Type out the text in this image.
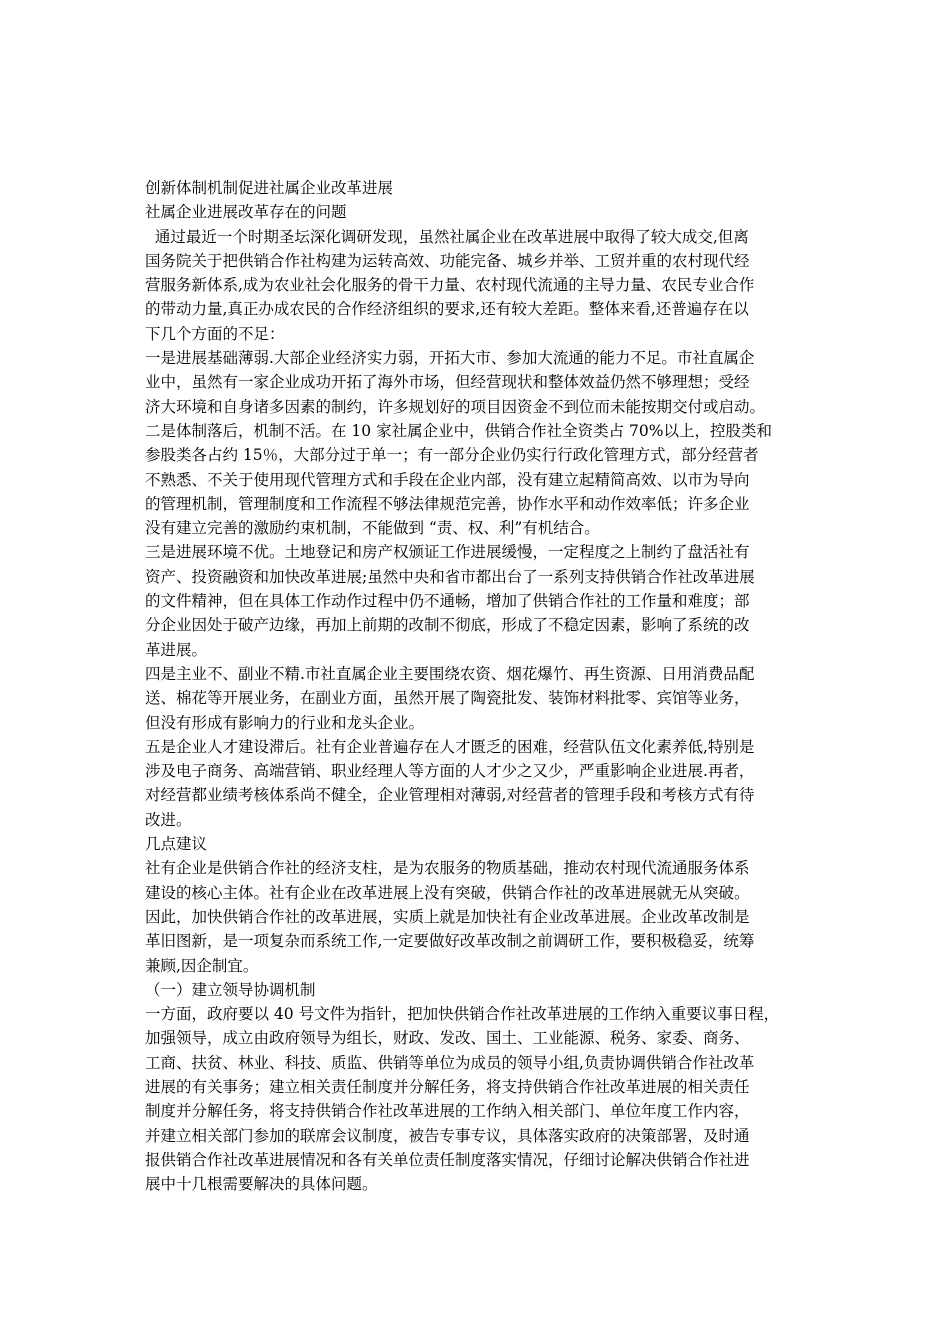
创新体制机制促进社属企业改革进展
社属企业进展改革存在的问题
通过最近一个时期圣坛深化调研发现，虽然社属企业在改革进展中取得了较大成交,但离
国务院关于把供销合作社构建为运转高效、功能完备、城乡并举、工贸并重的农村现代经
营服务新体系,成为农业社会化服务的骨干力量、农村现代流通的主导力量、农民专业合作
的带动力量,真正办成农民的合作经济组织的要求,还有较大差距。整体来看,还普遍存在以
下几个方面的不足：
一是进展基础薄弱.大部企业经济实力弱，开拓大市、参加大流通的能力不足。市社直属企
业中，虽然有一家企业成功开拓了海外市场，但经营现状和整体效益仍然不够理想；受经
济大环境和自身诸多因素的制约，许多规划好的项目因资金不到位而未能按期交付或启动。
二是体制落后，机制不活。在 10 家社属企业中，供销合作社全资类占 70%以上，控股类和
参股类各占约 15％，大部分过于单一；有一部分企业仍实行行政化管理方式，部分经营者
不熟悉、不关于使用现代管理方式和手段在企业内部，没有建立起精简高效、以市为导向
的管理机制，管理制度和工作流程不够法律规范完善，协作水平和动作效率低；许多企业
没有建立完善的激励约束机制，不能做到 “责、权、利”有机结合。
三是进展环境不优。土地登记和房产权颁证工作进展缓慢，一定程度之上制约了盘活社有
资产、投资融资和加快改革进展;虽然中央和省市都出台了一系列支持供销合作社改革进展
的文件精神，但在具体工作动作过程中仍不通畅，增加了供销合作社的工作量和难度；部
分企业因处于破产边缘，再加上前期的改制不彻底，形成了不稳定因素，影响了系统的改
革进展。
四是主业不、副业不精.市社直属企业主要围绕农资、烟花爆竹、再生资源、日用消费品配
送、棉花等开展业务，在副业方面，虽然开展了陶瓷批发、装饰材料批零、宾馆等业务，
但没有形成有影响力的行业和龙头企业。
五是企业人才建设滞后。社有企业普遍存在人才匮乏的困难，经营队伍文化素养低,特别是
涉及电子商务、高端营销、职业经理人等方面的人才少之又少，严重影响企业进展.再者，
对经营都业绩考核体系尚不健全，企业管理相对薄弱,对经营者的管理手段和考核方式有待
改进。
几点建议
社有企业是供销合作社的经济支柱，是为农服务的物质基础，推动农村现代流通服务体系
建设的核心主体。社有企业在改革进展上没有突破，供销合作社的改革进展就无从突破。
因此，加快供销合作社的改革进展，实质上就是加快社有企业改革进展。企业改革改制是
革旧图新，是一项复杂而系统工作,一定要做好改革改制之前调研工作，要积极稳妥，统筹
兼顾,因企制宜。
（一）建立领导协调机制
一方面，政府要以 40 号文件为指针，把加快供销合作社改革进展的工作纳入重要议事日程，
加强领导，成立由政府领导为组长，财政、发改、国土、工业能源、税务、家委、商务、
工商、扶贫、林业、科技、质监、供销等单位为成员的领导小组,负责协调供销合作社改革
进展的有关事务；建立相关责任制度并分解任务，将支持供销合作社改革进展的相关责任
制度并分解任务，将支持供销合作社改革进展的工作纳入相关部门、单位年度工作内容，
并建立相关部门参加的联席会议制度，被告专事专议，具体落实政府的决策部署，及时通
报供销合作社改革进展情况和各有关单位责任制度落实情况，仔细讨论解决供销合作社进
展中十几根需要解决的具体问题。
